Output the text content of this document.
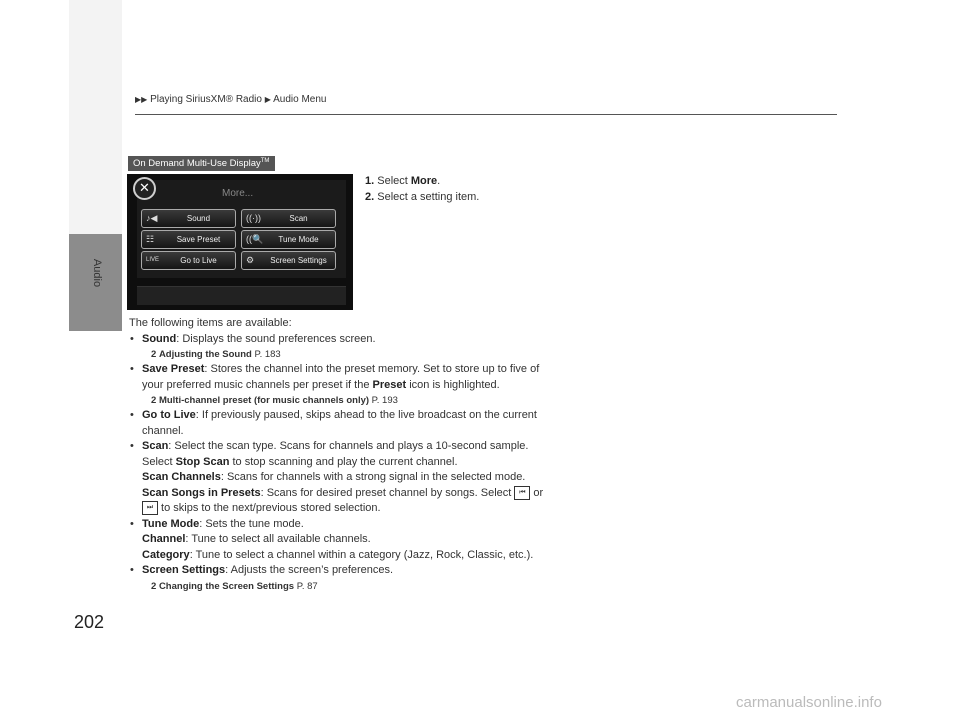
Audio
▶▶ Playing SiriusXM® Radio ▶ Audio Menu
On Demand Multi-Use Display™
✕	More...
♪◀	Sound	((·))	Scan
☷	Save Preset	((🔍	Tune Mode
LIVE	Go to Live	⚙	Screen Settings
1. Select More.
2. Select a setting item.

The following items are available:

• Sound: Displays the sound preferences screen.

2 Adjusting the Sound P. 183

• Save Preset: Stores the channel into the preset memory. Set to store up to five of

your preferred music channels per preset if the Preset icon is highlighted.

2 Multi-channel preset (for music channels only) P. 193

• Go to Live: If previously paused, skips ahead to the live broadcast on the current

channel.

• Scan: Select the scan type. Scans for channels and plays a 10-second sample.

Select Stop Scan to stop scanning and play the current channel.

Scan Channels: Scans for channels with a strong signal in the selected mode.

Scan Songs in Presets: Scans for desired preset channel by songs. Select ⏮ or

⏭ to skips to the next/previous stored selection.

• Tune Mode: Sets the tune mode.

Channel: Tune to select all available channels.

Category: Tune to select a channel within a category (Jazz, Rock, Classic, etc.).

• Screen Settings: Adjusts the screen’s preferences.

2 Changing the Screen Settings P. 87

202
carmanualsonline.info
